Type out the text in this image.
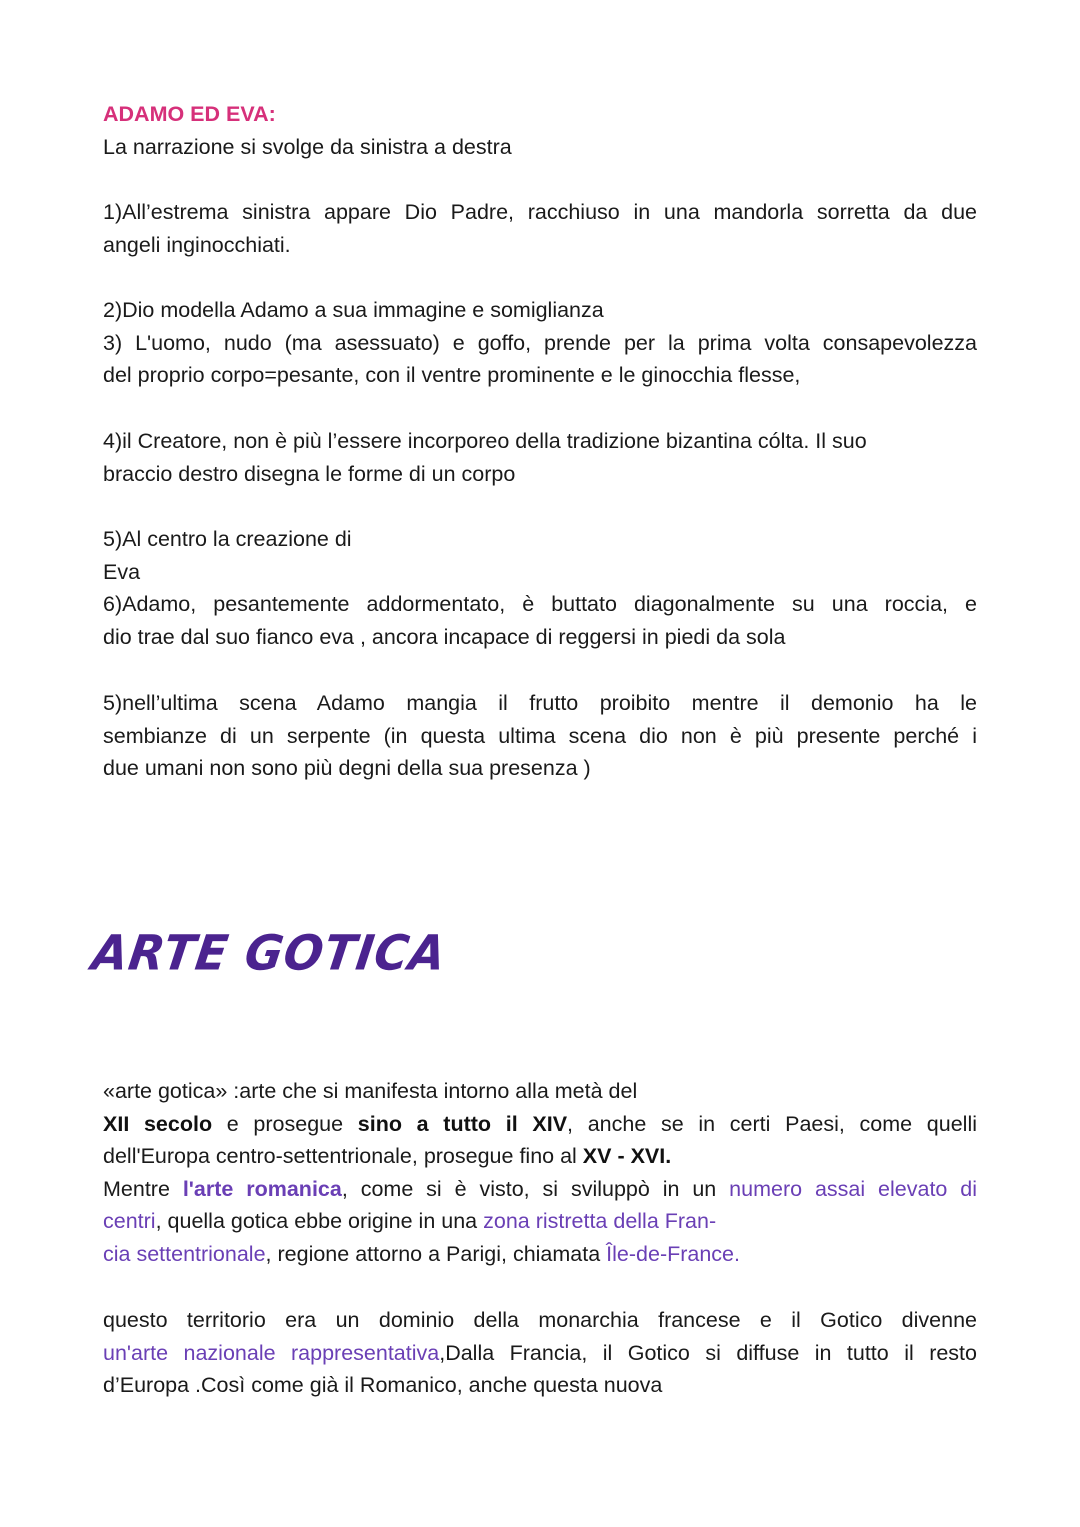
ADAMO ED EVA:
La narrazione si svolge da sinistra a destra

1)All’estrema sinistra appare Dio Padre, racchiuso in una mandorla sorretta da due
angeli inginocchiati.

2)Dio modella Adamo a sua immagine e somiglianza
3) L'uomo, nudo (ma asessuato) e goffo, prende per la prima volta consapevolezza
del proprio corpo=pesante, con il ventre prominente e le ginocchia flesse,

4)il Creatore, non è più l’essere incorporeo della tradizione bizantina cólta. Il suo
braccio destro disegna le forme di un corpo

5)Al centro la creazione di
Eva
6)Adamo, pesantemente addormentato, è buttato diagonalmente su una roccia, e
dio trae dal suo fianco eva , ancora incapace di reggersi in piedi da sola

5)nell’ultima scena Adamo mangia il frutto proibito mentre il demonio ha le
sembianze di un serpente (in questa ultima scena dio non è più presente perché i
due umani non sono più degni della sua presenza )

ARTE GOTICA

«arte gotica» :arte che si manifesta intorno alla metà del
XII secolo e prosegue sino a tutto il XIV, anche se in certi Paesi, come quelli
dell'Europa centro-settentrionale, prosegue fino al XV - XVI.
Mentre l'arte romanica, come si è visto, si sviluppò in un numero assai elevato di
centri, quella gotica ebbe origine in una zona ristretta della Fran-
cia settentrionale, regione attorno a Parigi, chiamata Île-de-France.

questo territorio era un dominio della monarchia francese e il Gotico divenne
un'arte nazionale rappresentativa,Dalla Francia, il Gotico si diffuse in tutto il resto
d’Europa .Così come già il Romanico, anche questa nuova
